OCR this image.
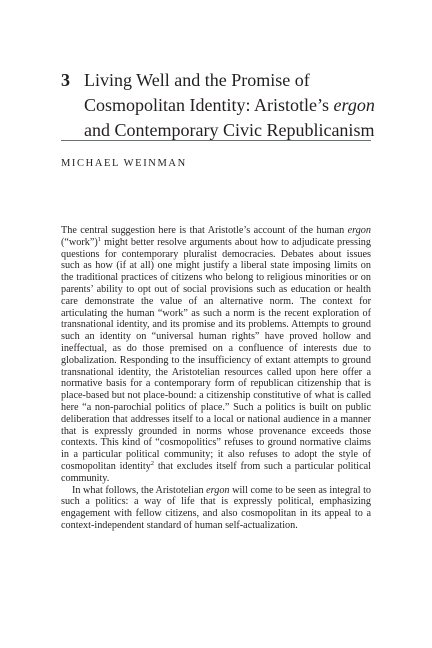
3 Living Well and the Promise of
Cosmopolitan Identity: Aristotle’s ergon
and Contemporary Civic Republicanism
MICHAEL WEINMAN

The central suggestion here is that Aristotle’s account of the human ergon (“work”)$^1$ might better resolve arguments about how to adjudicate pressing questions for contemporary pluralist democracies. Debates about issues such as how (if at all) one might justify a liberal state imposing limits on the traditional practices of citizens who belong to religious minorities or on parents’ ability to opt out of social provisions such as education or health care demonstrate the value of an alternative norm. The context for articulating the human “work” as such a norm is the recent exploration of transnational identity, and its promise and its problems. Attempts to ground such an identity on “universal human rights” have proved hollow and ineffectual, as do those premised on a confluence of interests due to globalization. Responding to the insufficiency of extant attempts to ground transnational identity, the Aristotelian resources called upon here offer a normative basis for a contemporary form of republican citizenship that is place-based but not place-bound: a citizenship constitutive of what is called here “a non-parochial politics of place.” Such a politics is built on public deliberation that addresses itself to a local or national audience in a manner that is expressly grounded in norms whose provenance exceeds those contexts. This kind of “cosmopolitics” refuses to ground normative claims in a particular political community; it also refuses to adopt the style of cosmopolitan identity$^2$ that excludes itself from such a particular political community.

In what follows, the Aristotelian ergon will come to be seen as integral to such a politics: a way of life that is expressly political, emphasizing engagement with fellow citizens, and also cosmopolitan in its appeal to a context-independent standard of human self-actualization.
